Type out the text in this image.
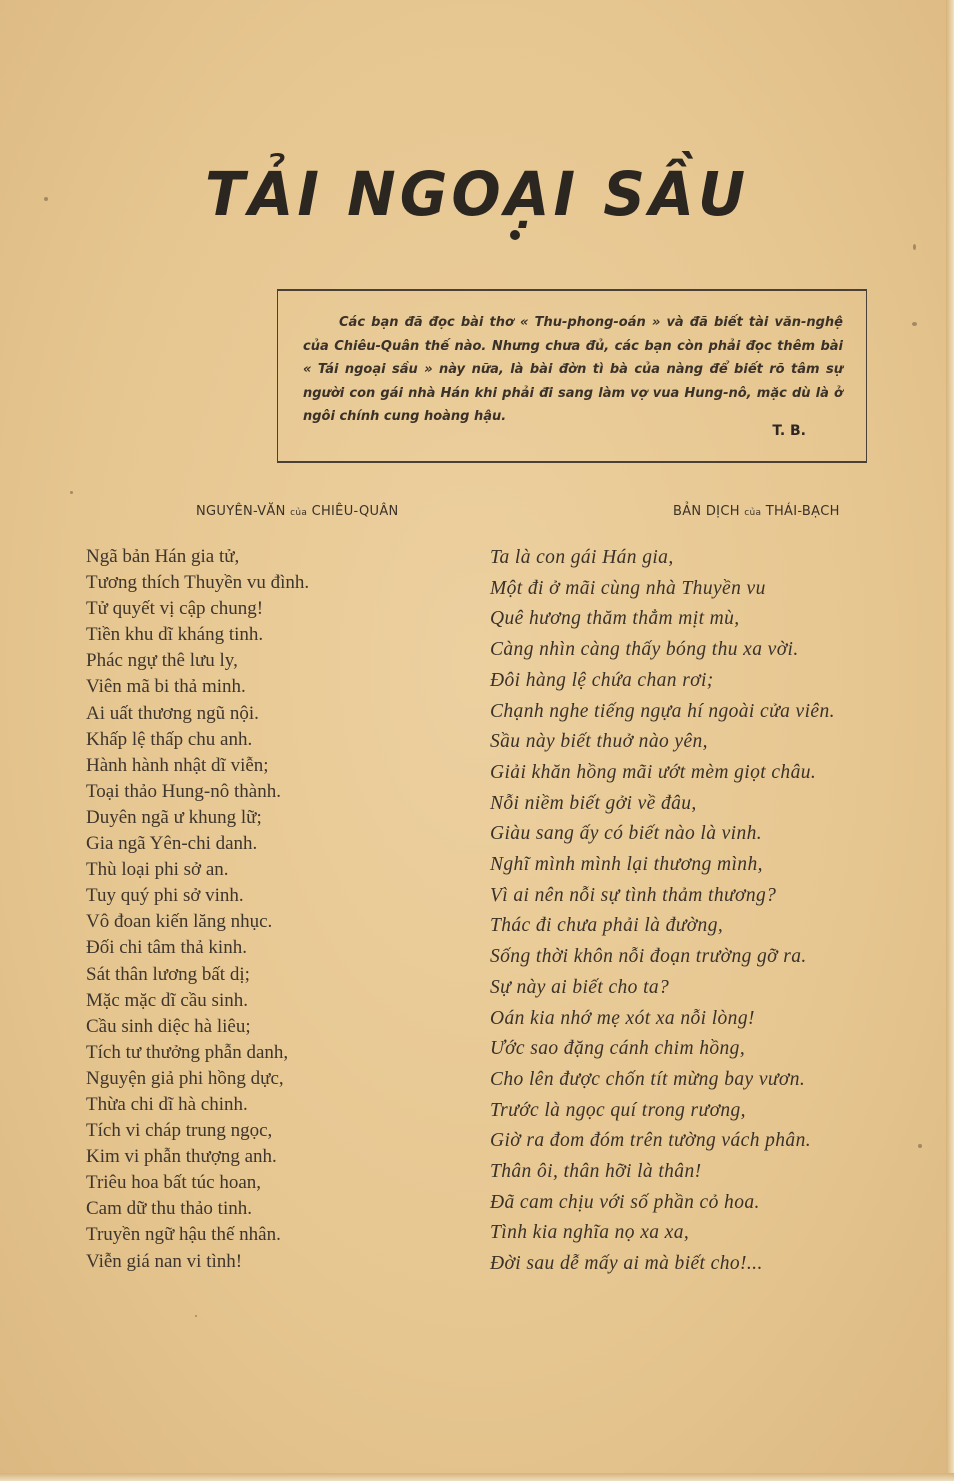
TẢI NGOẠI SẦU
Các bạn đã đọc bài thơ « Thu-phong-oán » và đã biết tài văn-nghệ của Chiêu-Quân thế nào. Nhưng chưa đủ, các bạn còn phải đọc thêm bài « Tái ngoại sầu » này nữa, là bài đờn tì bà của nàng để biết rõ tâm sự người con gái nhà Hán khi phải đi sang làm vợ vua Hung-nô, mặc dù là ở ngôi chính cung hoàng hậu.
T. B.
NGUYÊN-VĂN của CHIÊU-QUÂN	BẢN DỊCH của THÁI-BẠCH
Ngã bản Hán gia tử,
Tương thích Thuyền vu đình.
Tử quyết vị cập chung!
Tiền khu dĩ kháng tinh.
Phác ngự thê lưu ly,
Viên mã bi thả minh.
Ai uất thương ngũ nội.
Khấp lệ thấp chu anh.
Hành hành nhật dĩ viễn;
Toại thảo Hung-nô thành.
Duyên ngã ư khung lữ;
Gia ngã Yên-chi danh.
Thù loại phi sở an.
Tuy quý phi sở vinh.
Vô đoan kiến lăng nhục.
Đối chi tâm thả kinh.
Sát thân lương bất dị;
Mặc mặc dĩ cầu sinh.
Cầu sinh diệc hà liêu;
Tích tư thưởng phẫn danh,
Nguyện giả phi hồng dực,
Thừa chi dĩ hà chinh.
Tích vi cháp trung ngọc,
Kim vi phẫn thượng anh.
Triêu hoa bất túc hoan,
Cam dữ thu thảo tinh.
Truyền ngữ hậu thế nhân.
Viễn giá nan vi tình!
Ta là con gái Hán gia,
Một đi ở mãi cùng nhà Thuyền vu
Quê hương thăm thẳm mịt mù,
Càng nhìn càng thấy bóng thu xa vời.
Đôi hàng lệ chứa chan rơi;
Chạnh nghe tiếng ngựa hí ngoài cửa viên.
Sầu này biết thuở nào yên,
Giải khăn hồng mãi ướt mèm giọt châu.
Nỗi niềm biết gởi về đâu,
Giàu sang ấy có biết nào là vinh.
Nghĩ mình mình lại thương mình,
Vì ai nên nỗi sự tình thảm thương?
Thác đi chưa phải là đường,
Sống thời khôn nỗi đoạn trường gỡ ra.
Sự này ai biết cho ta?
Oán kia nhớ mẹ xót xa nỗi lòng!
Ước sao đặng cánh chim hồng,
Cho lên được chốn tít mừng bay vươn.
Trước là ngọc quí trong rương,
Giờ ra đom đóm trên tường vách phân.
Thân ôi, thân hỡi là thân!
Đã cam chịu với số phần cỏ hoa.
Tình kia nghĩa nọ xa xa,
Đời sau dễ mấy ai mà biết cho!...
